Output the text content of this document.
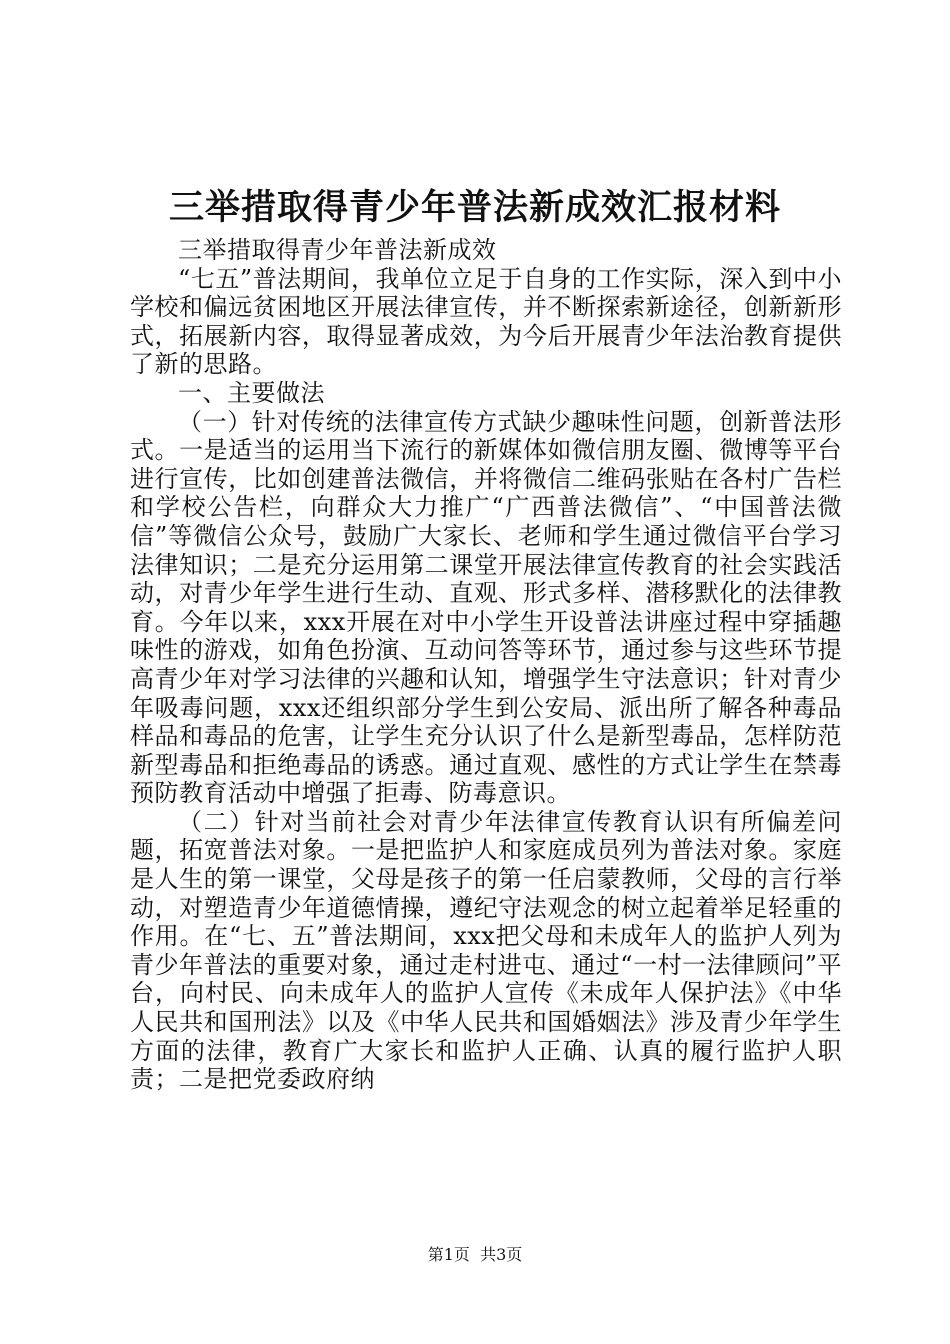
三举措取得青少年普法新成效汇报材料

三举措取得青少年普法新成效

“七五”普法期间，我单位立足于自身的工作实际，深入到中小学校和偏远贫困地区开展法律宣传，并不断探索新途径，创新新形式，拓展新内容，取得显著成效，为今后开展青少年法治教育提供了新的思路。

一、主要做法

（一）针对传统的法律宣传方式缺少趣味性问题，创新普法形式。一是适当的运用当下流行的新媒体如微信朋友圈、微博等平台进行宣传，比如创建普法微信，并将微信二维码张贴在各村广告栏和学校公告栏，向群众大力推广“广西普法微信”、“中国普法微信”等微信公众号，鼓励广大家长、老师和学生通过微信平台学习法律知识；二是充分运用第二课堂开展法律宣传教育的社会实践活动，对青少年学生进行生动、直观、形式多样、潜移默化的法律教育。今年以来，xxx开展在对中小学生开设普法讲座过程中穿插趣味性的游戏，如角色扮演、互动问答等环节，通过参与这些环节提高青少年对学习法律的兴趣和认知，增强学生守法意识；针对青少年吸毒问题，xxx还组织部分学生到公安局、派出所了解各种毒品样品和毒品的危害，让学生充分认识了什么是新型毒品，怎样防范新型毒品和拒绝毒品的诱惑。通过直观、感性的方式让学生在禁毒预防教育活动中增强了拒毒、防毒意识。

（二）针对当前社会对青少年法律宣传教育认识有所偏差问题，拓宽普法对象。一是把监护人和家庭成员列为普法对象。家庭是人生的第一课堂，父母是孩子的第一任启蒙教师，父母的言行举动，对塑造青少年道德情操，遵纪守法观念的树立起着举足轻重的作用。在“七、五”普法期间，xxx把父母和未成年人的监护人列为青少年普法的重要对象，通过走村进屯、通过“一村一法律顾问”平台，向村民、向未成年人的监护人宣传《未成年人保护法》《中华人民共和国刑法》以及《中华人民共和国婚姻法》涉及青少年学生方面的法律，教育广大家长和监护人正确、认真的履行监护人职责；二是把党委政府纳

第1页 共3页
